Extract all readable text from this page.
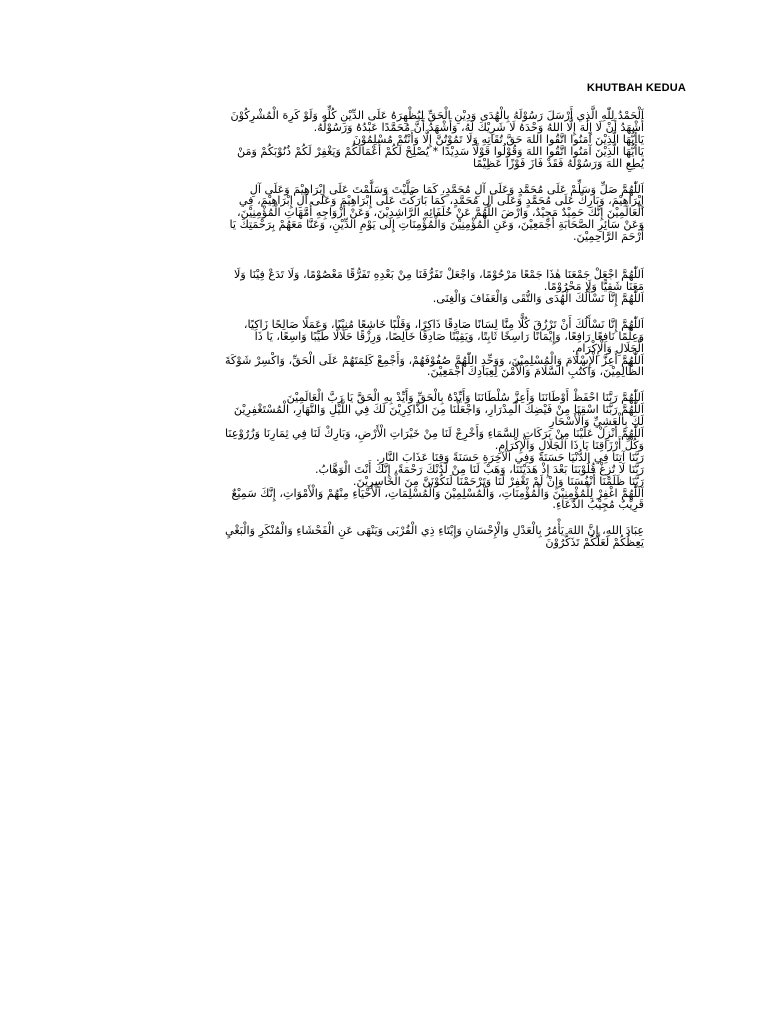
KHUTBAH KEDUA
اَلْحَمْدُ لِلّٰهِ الَّذِي أَرْسَلَ رَسُوْلَهُ بِالْهُدَى وَدِيْنِ الْحَقِّ لِيُظْهِرَهُ عَلَى الدِّيْنِ كُلِّهِ وَلَوْ كَرِهَ الْمُشْرِكُوْنَ
أَشْهَدُ أَنْ لَا إِلٰهَ إِلَّا اللهُ وَحْدَهُ لَا شَرِيْكَ لَهُ، وَأَشْهَدُ أَنَّ مُحَمَّدًا عَبْدُهُ وَرَسُوْلُهُ.
يَاأَيُّهَا الَّذِيْنَ آمَنُوا اتَّقُوا اللهَ حَقَّ تُقَاتِهِ وَلَا تَمُوْتُنَّ إِلَّا وَأَنْتُمْ مُسْلِمُوْنَ
يَاأَيُّهَا الَّذِيْنَ آمَنُوا اتَّقُوا اللهَ وَقُوْلُوا قَوْلًا سَدِيْدًا * يُصْلِحْ لَكُمْ أَعْمَالَكُمْ وَيَغْفِرْ لَكُمْ ذُنُوْبَكُمْ وَمَنْ
يُطِعِ اللهَ وَرَسُوْلَهُ فَقَدْ فَازَ فَوْزًا عَظِيْمًا
اَللّٰهُمَّ صَلِّ وَسَلِّمْ عَلَى مُحَمَّدٍ وَعَلَى آلِ مُحَمَّدٍ، كَمَا صَلَّيْتَ وَسَلَّمْتَ عَلَى إِبْرَاهِيْمَ وَعَلَى آلِ
إِبْرَاهِيْمَ، وَبَارِكْ عَلَى مُحَمَّدٍ وَعَلَى آلِ مُحَمَّدٍ، كَمَا بَارَكْتَ عَلَى إِبْرَاهِيْمَ وَعَلَى آلِ إِبْرَاهِيْمَ، فِي
الْعَالَمِيْنَ إِنَّكَ حَمِيْدٌ مَجِيْدٌ، وَارْضَ اللّٰهُمَّ عَنْ خُلَفَائِهِ الرَّاشِدِيْنَ، وَعَنْ أَزْوَاجِهِ أُمَّهَاتِ الْمُؤْمِنِيْنَ،
وَعَنْ سَائِرِ الصَّحَابَةِ أَجْمَعِيْنَ، وَعَنِ الْمُؤْمِنِيْنَ وَالْمُؤْمِنَاتِ إِلَى يَوْمِ الدِّيْنِ، وَعَنَّا مَعَهُمْ بِرَحْمَتِكَ يَا
أَرْحَمَ الرَّاحِمِيْنَ.
اَللّٰهُمَّ اجْعَلْ جَمْعَنَا هٰذَا جَمْعًا مَرْحُوْمًا، وَاجْعَلْ تَفَرُّقَنَا مِنْ بَعْدِهِ تَفَرُّقًا مَعْصُوْمًا، وَلَا تَدَعْ فِيْنَا وَلَا
مَعَنَا شَقِيًّا وَلَا مَحْرُوْمًا.
اَللّٰهُمَّ إِنَّا نَسْأَلُكَ الْهُدَى وَالتُّقَى وَالْعَفَافَ وَالْغِنَى.
اَللّٰهُمَّ إِنَّا نَسْأَلُكَ أَنْ تَرْزُقَ كُلًّا مِنَّا لِسَانًا صَادِقًا ذَاكِرًا، وَقَلْبًا خَاشِعًا مُنِيْبًا، وَعَمَلًا صَالِحًا زَاكِيًا،
وَعِلْمًا نَافِعًا رَافِعًا، وَإِيْمَانًا رَاسِخًا ثَابِتًا، وَيَقِيْنًا صَادِقًا خَالِصًا، وَرِزْقًا حَلَالًا طَيِّبًا وَاسِعًا، يَا ذَا
الْجَلَالِ وَالْإِكْرَامِ.
اَللّٰهُمَّ أَعِزَّ الْإِسْلَامَ وَالْمُسْلِمِيْنَ، وَوَحِّدِ اللّٰهُمَّ صُفُوْفَهُمْ، وَأَجْمِعْ كَلِمَتَهُمْ عَلَى الْحَقِّ، وَاكْسِرْ شَوْكَةَ
الظَّالِمِيْنَ، وَاكْتُبِ السَّلَامَ وَالْأَمْنَ لِعِبَادِكَ أَجْمَعِيْنَ.
اَللّٰهُمَّ رَبَّنَا احْفَظْ أَوْطَانَنَا وَأَعِزَّ سُلْطَانَنَا وَأَيِّدْهُ بِالْحَقِّ وَأَيِّدْ بِهِ الْحَقَّ يَا رَبَّ الْعَالَمِيْنَ
اَللّٰهُمَّ رَبَّنَا اسْقِنَا مِنْ فَيْضِكَ الْمِدْرَارِ، وَاجْعَلْنَا مِنَ الذَّاكِرِيْنَ لَكَ فِي اللَّيْلِ وَالنَّهَارِ، الْمُسْتَغْفِرِيْنَ
لَكَ بِالْعَشِيِّ وَالْأَسْحَارِ
اَللّٰهُمَّ أَنْزِلْ عَلَيْنَا مِنْ بَرَكَاتِ السَّمَاءِ وَأَخْرِجْ لَنَا مِنْ خَيْرَاتِ الْأَرْضِ، وَبَارِكْ لَنَا فِي ثِمَارِنَا وَزُرُوْعِنَا
وَكُلِّ أَرْزَاقِنَا يَا ذَا الْجَلَالِ وَالْإِكْرَامِ.
رَبَّنَا آتِنَا فِي الدُّنْيَا حَسَنَةً وَفِي الْآخِرَةِ حَسَنَةً وَقِنَا عَذَابَ النَّارِ.
رَبَّنَا لَا تُزِغْ قُلُوْبَنَا بَعْدَ إِذْ هَدَيْتَنَا، وَهَبْ لَنَا مِنْ لَدُنْكَ رَحْمَةً، إِنَّكَ أَنْتَ الْوَهَّابُ.
رَبَّنَا ظَلَمْنَا أَنْفُسَنَا وَإِنْ لَمْ تَغْفِرْ لَنَا وَتَرْحَمْنَا لَنَكُوْنَنَّ مِنَ الْخَاسِرِيْنَ.
اَللّٰهُمَّ اغْفِرْ لِلْمُؤْمِنِيْنَ وَالْمُؤْمِنَاتِ، وَالْمُسْلِمِيْنَ وَالْمُسْلِمَاتِ، اَلْأَحْيَاءِ مِنْهُمْ وَالْأَمْوَاتِ، إِنَّكَ سَمِيْعٌ
قَرِيْبٌ مُجِيْبُ الدَّعَاءِ.
عِبَادَ اللهِ، إِنَّ اللهَ يَأْمُرُ بِالْعَدْلِ وَالْإِحْسَانِ وَإِيْتَاءِ ذِي الْقُرْبَى وَيَنْهَى عَنِ الْفَحْشَاءِ وَالْمُنْكَرِ وَالْبَغْيِ
يَعِظُكُمْ لَعَلَّكُمْ تَذَكَّرُوْنَ
